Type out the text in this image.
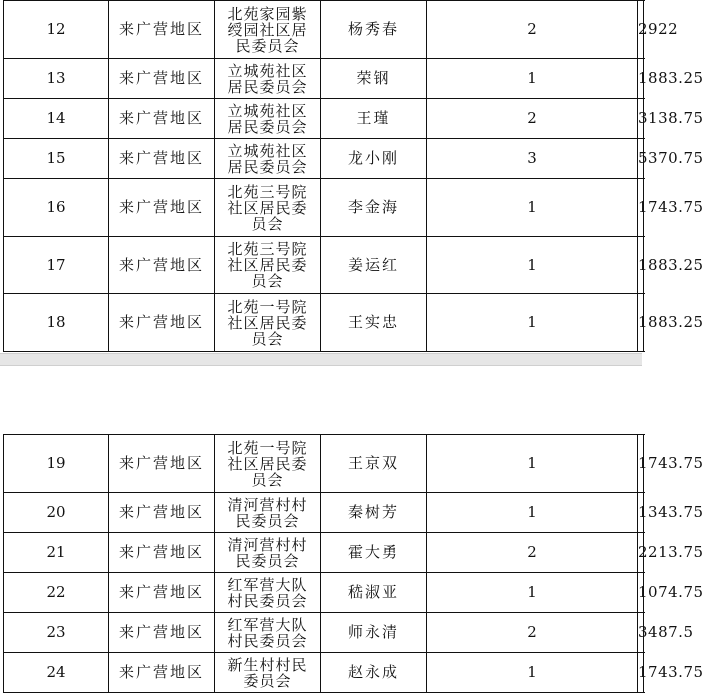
12	来广营地区	北苑家园紫绶园社区居民委员会	杨秀春	2	2922
13	来广营地区	立城苑社区居民委员会	荣钢	1	1883.25
14	来广营地区	立城苑社区居民委员会	王瑾	2	3138.75
15	来广营地区	立城苑社区居民委员会	龙小刚	3	5370.75
16	来广营地区	北苑三号院社区居民委员会	李金海	1	1743.75
17	来广营地区	北苑三号院社区居民委员会	姜运红	1	1883.25
18	来广营地区	北苑一号院社区居民委员会	王实忠	1	1883.25
19	来广营地区	北苑一号院社区居民委员会	王京双	1	1743.75
20	来广营地区	清河营村村民委员会	秦树芳	1	1343.75
21	来广营地区	清河营村村民委员会	霍大勇	2	2213.75
22	来广营地区	红军营大队村民委员会	嵇淑亚	1	1074.75
23	来广营地区	红军营大队村民委员会	师永清	2	3487.5
24	来广营地区	新生村村民委员会	赵永成	1	1743.75
